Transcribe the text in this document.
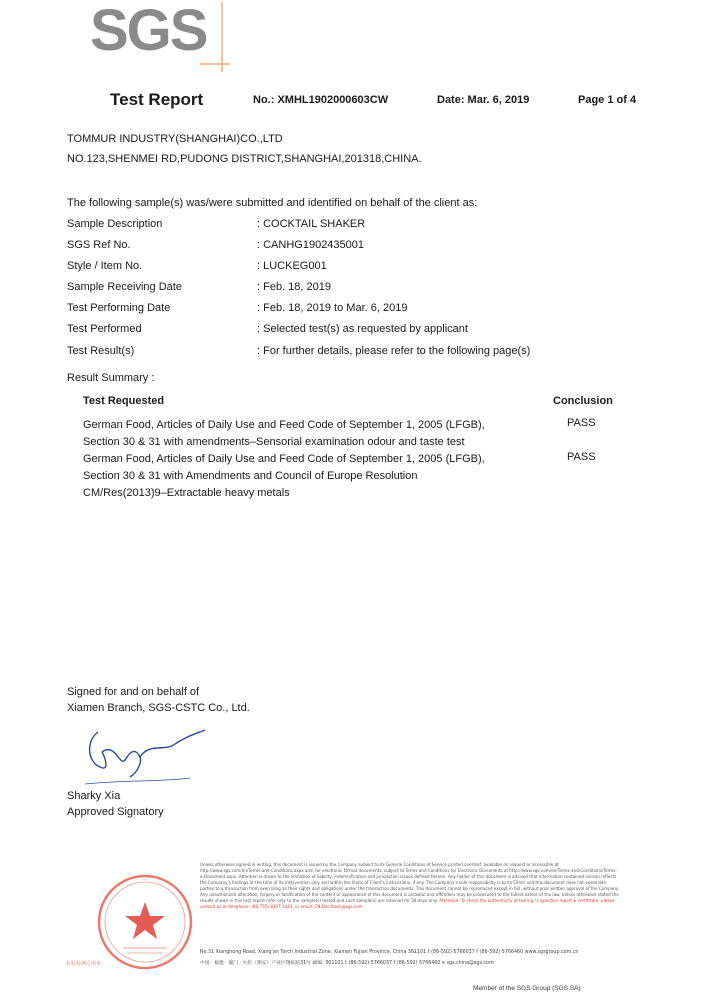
SGS
Test Report	No.: XMHL1902000603CW	Date: Mar. 6, 2019	Page 1 of 4
TOMMUR INDUSTRY(SHANGHAI)CO.,LTD
NO.123,SHENMEI RD,PUDONG DISTRICT,SHANGHAI,201318,CHINA.
The following sample(s) was/were submitted and identified on behalf of the client as:
Sample Description	: COCKTAIL SHAKER
SGS Ref No.	: CANHG1902435001
Style / Item No.	: LUCKEG001
Sample Receiving Date	: Feb. 18, 2019
Test Performing Date	: Feb. 18, 2019 to Mar. 6, 2019
Test Performed	: Selected test(s) as requested by applicant
Test Result(s)	: For further details, please refer to the following page(s)
Result Summary :
Test Requested	Conclusion
German Food, Articles of Daily Use and Feed Code of September 1, 2005 (LFGB),
Section 30 & 31 with amendments–Sensorial examination odour and taste test
PASS
German Food, Articles of Daily Use and Feed Code of September 1, 2005 (LFGB),
Section 30 & 31 with Amendments and Council of Europe Resolution
CM/Res(2013)9–Extractable heavy metals
PASS
Signed for and on behalf of
Xiamen Branch, SGS-CSTC Co., Ltd.
Sharky Xia
Approved Signatory
检验检测专用章
Unless otherwise agreed in writing, this document is issued by the Company subject to its General Conditions of Service printed overleaf, available on request or accessible at http://www.sgs.com/en/Terms-and-Conditions.aspx and, for electronic format documents, subject to Terms and Conditions for Electronic Documents at http://www.sgs.com/en/Terms-and-Conditions/Terms-e-Document.aspx. Attention is drawn to the limitation of liability, indemnification and jurisdiction issues defined therein. Any holder of this document is advised that information contained hereon reflects the Company's findings at the time of its intervention only and within the limits of Client's instructions, if any. The Company's sole responsibility is to its Client and this document does not exonerate parties to a transaction from exercising all their rights and obligations under the transaction documents. This document cannot be reproduced except in full, without prior written approval of the Company. Any unauthorized alteration, forgery or falsification of the content or appearance of this document is unlawful and offenders may be prosecuted to the fullest extent of the law. Unless otherwise stated the results shown in this test report refer only to the sample(s) tested and such sample(s) are retained for 30 days only. Attention: To check the authenticity of testing / inspection report & certificate, please contact us at telephone: (86-755) 8307 1443, or email: CN.Doccheck@sgs.com
No.31 Xianghong Road, Xiang'an Torch Industrial Zone, Xiamen Fujian Province, China 361101 t (86-592) 5766037 f (86-592) 5766460 www.sgsgroup.com.cn
中国 · 福建 · 厦门 · 火炬（翔安）产业区翔虹路31号 邮编: 361101 t (86-592) 5766037 f (86-592) 5766460 e sgs.china@sgs.com
Member of the SGS Group (SGS SA)
